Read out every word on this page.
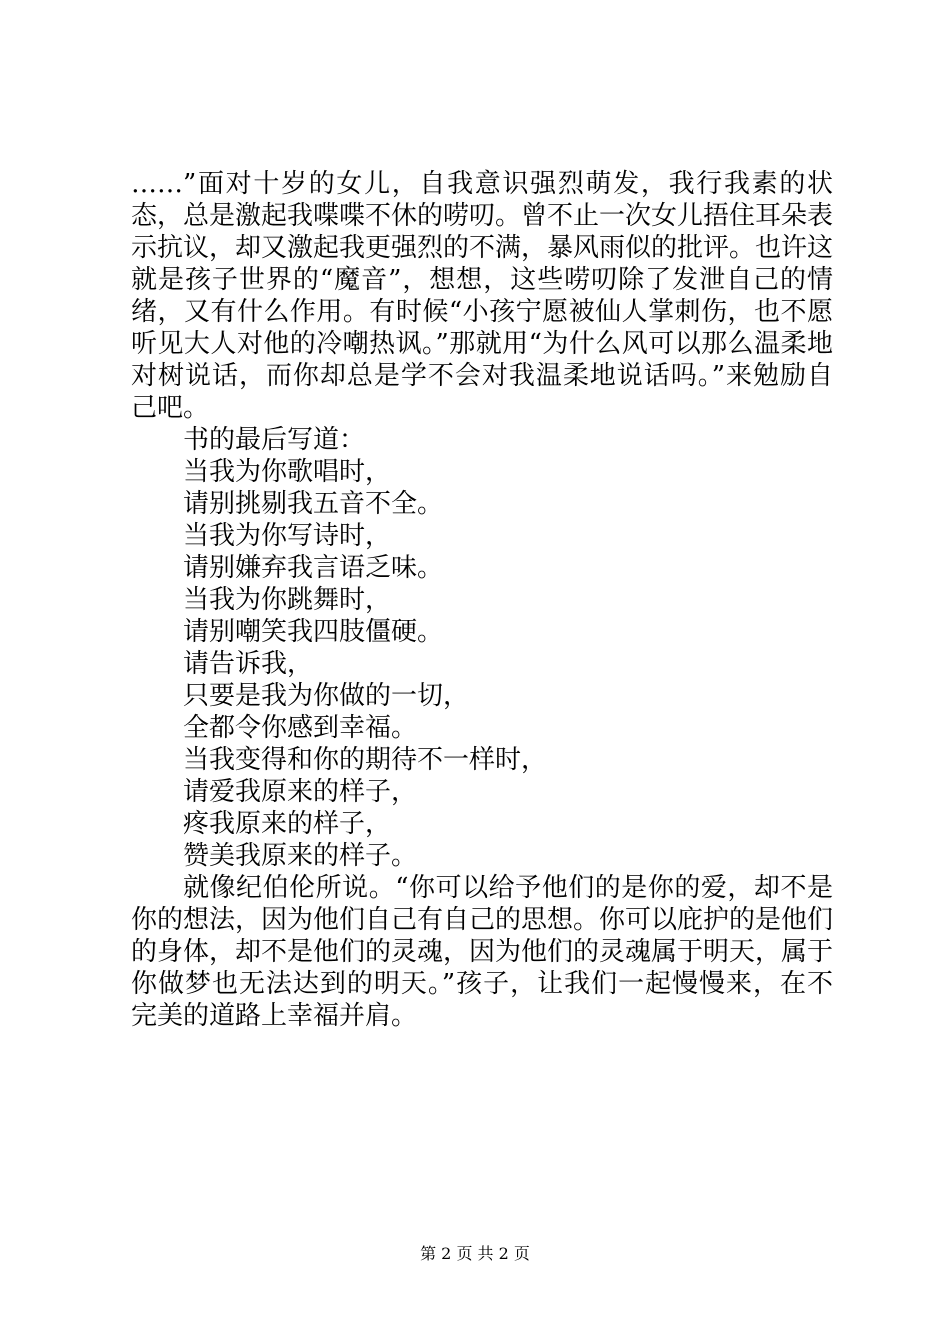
……”面对十岁的女儿，自我意识强烈萌发，我行我素的状态，总是激起我喋喋不休的唠叨。曾不止一次女儿捂住耳朵表示抗议，却又激起我更强烈的不满，暴风雨似的批评。也许这就是孩子世界的“魔音”，想想，这些唠叨除了发泄自己的情绪，又有什么作用。有时候“小孩宁愿被仙人掌刺伤，也不愿听见大人对他的冷嘲热讽。”那就用“为什么风可以那么温柔地对树说话，而你却总是学不会对我温柔地说话吗。”来勉励自己吧。

书的最后写道：

当我为你歌唱时，
请别挑剔我五音不全。
当我为你写诗时，
请别嫌弃我言语乏味。
当我为你跳舞时，
请别嘲笑我四肢僵硬。
请告诉我，
只要是我为你做的一切，
全都令你感到幸福。
当我变得和你的期待不一样时，
请爱我原来的样子，
疼我原来的样子，
赞美我原来的样子。

就像纪伯伦所说。“你可以给予他们的是你的爱，却不是你的想法，因为他们自己有自己的思想。你可以庇护的是他们的身体，却不是他们的灵魂，因为他们的灵魂属于明天，属于你做梦也无法达到的明天。”孩子，让我们一起慢慢来，在不完美的道路上幸福并肩。

第 2 页 共 2 页
